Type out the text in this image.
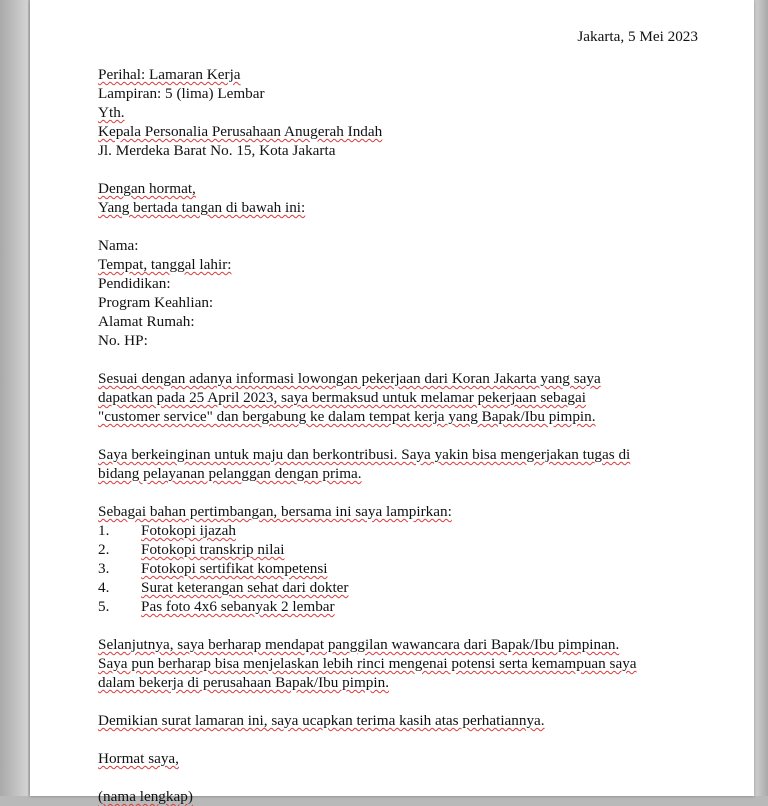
Jakarta, 5 Mei 2023
Perihal: Lamaran Kerja
Lampiran: 5 (lima) Lembar
Yth.
Kepala Personalia Perusahaan Anugerah Indah
Jl. Merdeka Barat No. 15, Kota Jakarta
Dengan hormat,
Yang bertada tangan di bawah ini:
Nama:
Tempat, tanggal lahir:
Pendidikan:
Program Keahlian:
Alamat Rumah:
No. HP:
Sesuai dengan adanya informasi lowongan pekerjaan dari Koran Jakarta yang saya
dapatkan pada 25 April 2023, saya bermaksud untuk melamar pekerjaan sebagai
"customer service" dan bergabung ke dalam tempat kerja yang Bapak/Ibu pimpin.
Saya berkeinginan untuk maju dan berkontribusi. Saya yakin bisa mengerjakan tugas di
bidang pelayanan pelanggan dengan prima.
Sebagai bahan pertimbangan, bersama ini saya lampirkan:
1.	Fotokopi ijazah
2.	Fotokopi transkrip nilai
3.	Fotokopi sertifikat kompetensi
4.	Surat keterangan sehat dari dokter
5.	Pas foto 4x6 sebanyak 2 lembar
Selanjutnya, saya berharap mendapat panggilan wawancara dari Bapak/Ibu pimpinan.
Saya pun berharap bisa menjelaskan lebih rinci mengenai potensi serta kemampuan saya
dalam bekerja di perusahaan Bapak/Ibu pimpin.
Demikian surat lamaran ini, saya ucapkan terima kasih atas perhatiannya.
Hormat saya,
(nama lengkap)
